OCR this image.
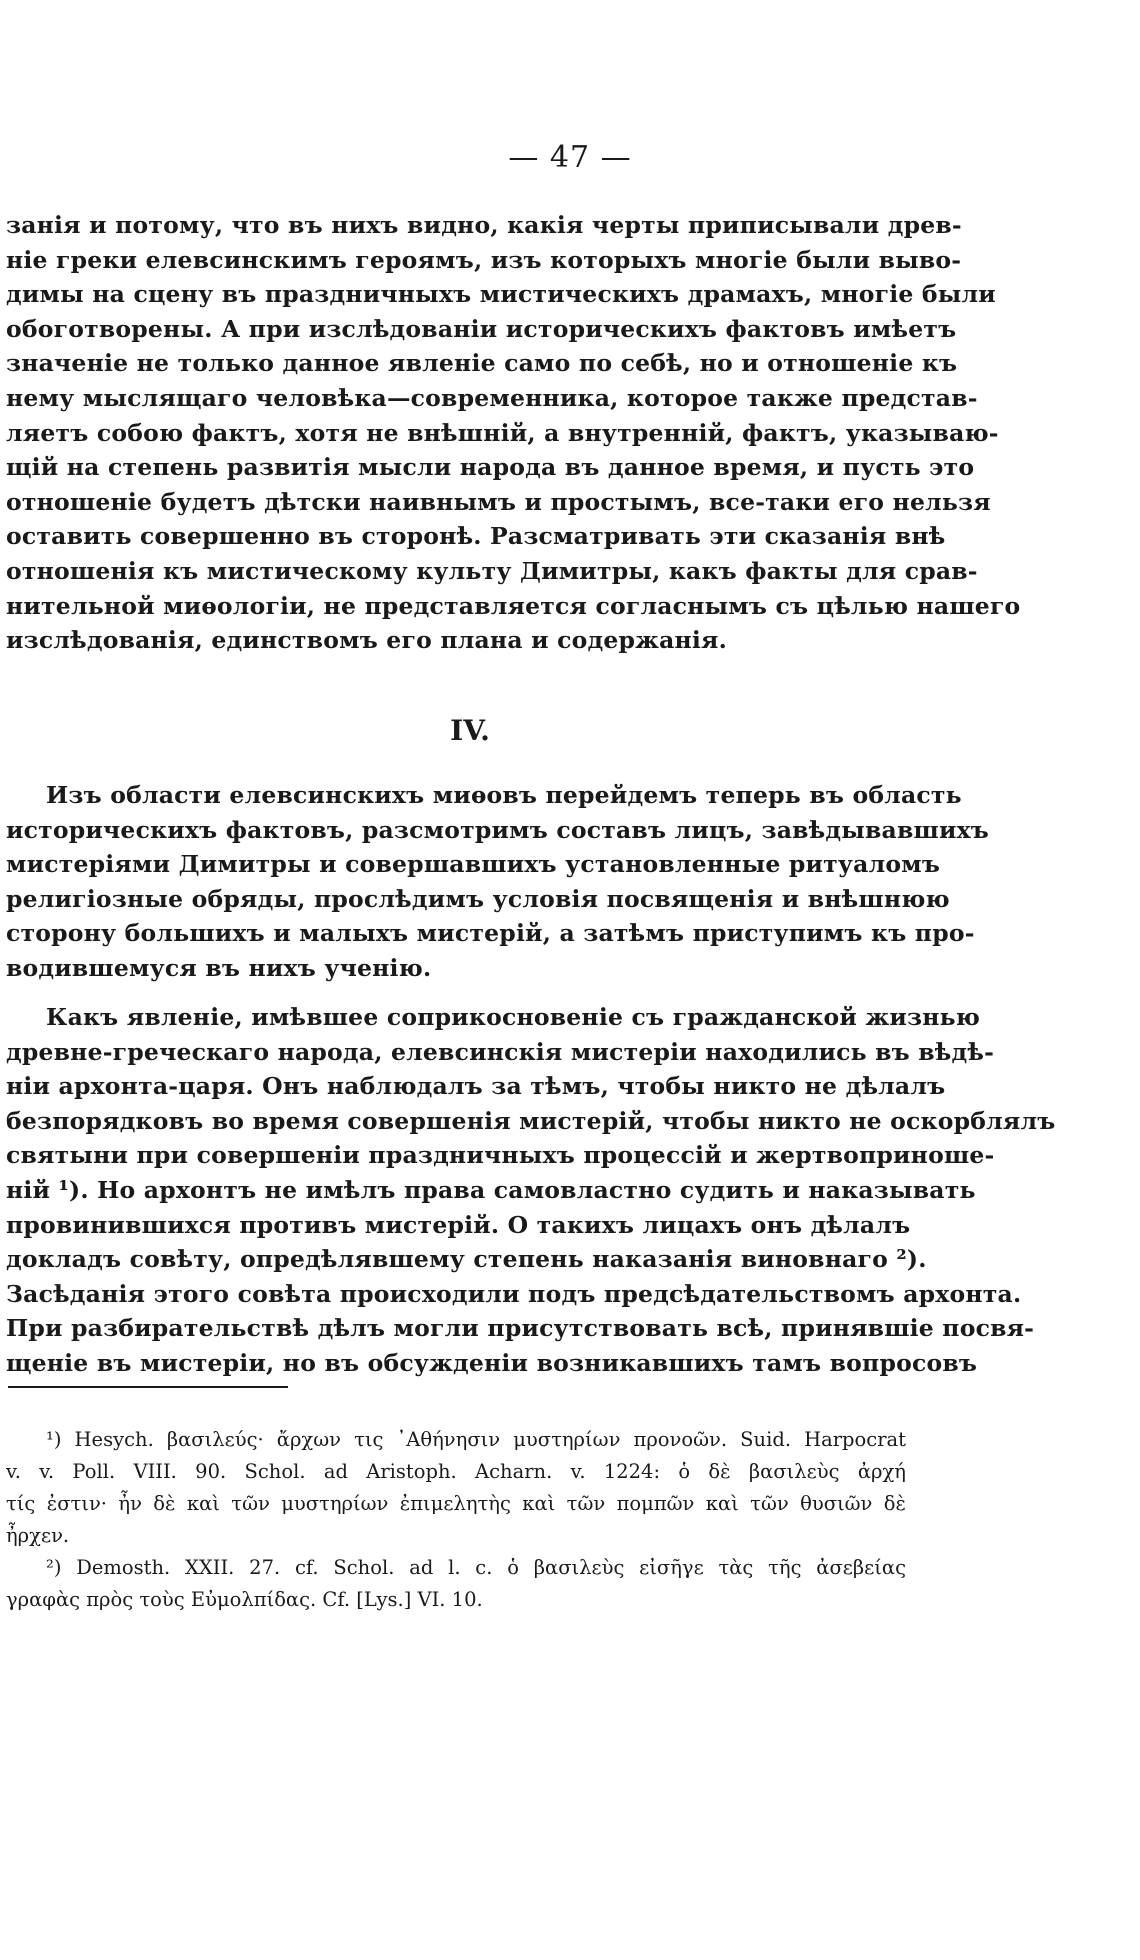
— 47 —
занія и потому, что въ нихъ видно, какія черты приписывали древ-
ніе греки елевсинскимъ героямъ, изъ которыхъ многіе были выво-
димы на сцену въ праздничныхъ мистическихъ драмахъ, многіе были
обоготворены. А при изслѣдованіи историческихъ фактовъ имѣетъ
значеніе не только данное явленіе само по себѣ, но и отношеніе къ
нему мыслящаго человѣка—современника, которое также представ-
ляетъ собою фактъ, хотя не внѣшній, а внутренній, фактъ, указываю-
щій на степень развитія мысли народа въ данное время, и пусть это
отношеніе будетъ дѣтски наивнымъ и простымъ, все-таки его нельзя
оставить совершенно въ сторонѣ. Разсматривать эти сказанія внѣ
отношенія къ мистическому культу Димитры, какъ факты для срав-
нительной миѳологіи, не представляется согласнымъ съ цѣлью нашего
изслѣдованія, единствомъ его плана и содержанія.
IV.
Изъ области елевсинскихъ миѳовъ перейдемъ теперь въ область
историческихъ фактовъ, разсмотримъ составъ лицъ, завѣдывавшихъ
мистеріями Димитры и совершавшихъ установленные ритуаломъ
религіозные обряды, прослѣдимъ условія посвященія и внѣшнюю
сторону большихъ и малыхъ мистерій, а затѣмъ приступимъ къ про-
водившемуся въ нихъ ученію.
Какъ явленіе, имѣвшее соприкосновеніе съ гражданской жизнью
древне-греческаго народа, елевсинскія мистеріи находились въ вѣдѣ-
ніи архонта-царя. Онъ наблюдалъ за тѣмъ, чтобы никто не дѣлалъ
безпорядковъ во время совершенія мистерій, чтобы никто не оскорблялъ
святыни при совершеніи праздничныхъ процессій и жертвоприноше-
ній ¹). Но архонтъ не имѣлъ права самовластно судить и наказывать
провинившихся противъ мистерій. О такихъ лицахъ онъ дѣлалъ
докладъ совѣту, опредѣлявшему степень наказанія виновнаго ²).
Засѣданія этого совѣта происходили подъ предсѣдательствомъ архонта.
При разбирательствѣ дѣлъ могли присутствовать всѣ, принявшіе посвя-
щеніе въ мистеріи, но въ обсужденіи возникавшихъ тамъ вопросовъ
¹) Hesych. βασιλεύς· ἄρχων τις ᾿Αθήνησιν μυστηρίων προνοῶν. Suid. Harpocrat
v. v. Poll. VIII. 90. Schol. ad Aristoph. Acharn. v. 1224: ὁ δὲ βασιλεὺς ἀρχή
τίς ἐστιν· ἦν δὲ καὶ τῶν μυστηρίων ἐπιμελητὴς καὶ τῶν πομπῶν καὶ τῶν θυσιῶν δὲ
ἦρχεν.
²) Demosth. XXII. 27. cf. Schol. ad l. c. ὁ βασιλεὺς εἰσῆγε τὰς τῆς ἀσεβείας
γραφὰς πρὸς τοὺς Εὐμολπίδας. Cf. [Lys.] VI. 10.
